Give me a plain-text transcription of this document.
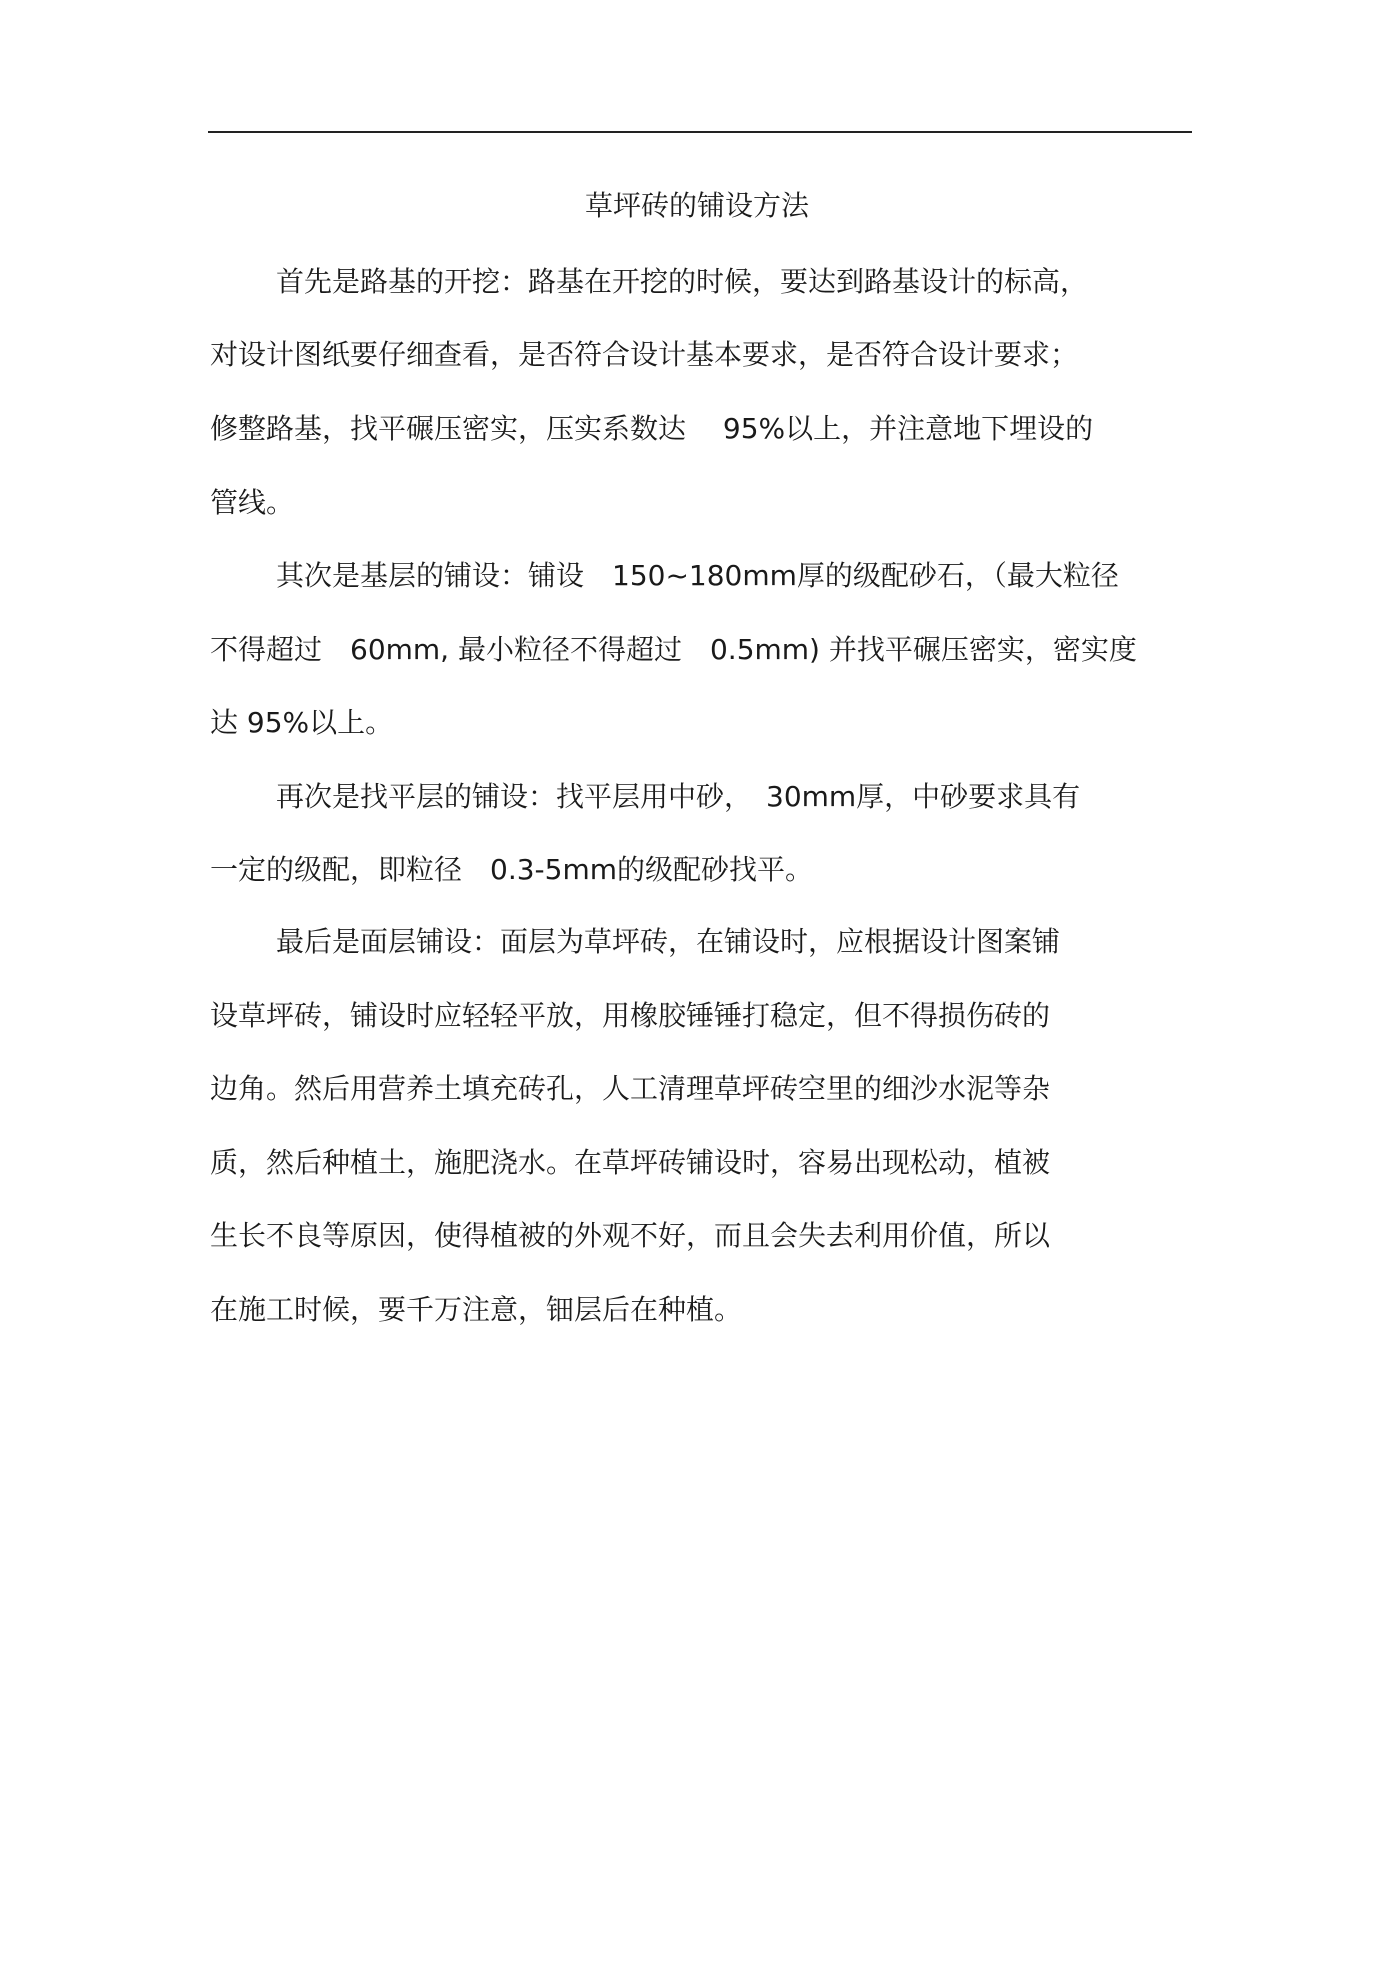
草坪砖的铺设方法
首先是路基的开挖：路基在开挖的时候，要达到路基设计的标高，
对设计图纸要仔细查看，是否符合设计基本要求，是否符合设计要求；
修整路基，找平碾压密实，压实系数达　 95%以上，并注意地下埋设的
管线。
其次是基层的铺设：铺设　150~180mm厚的级配砂石，（最大粒径
不得超过　60mm, 最小粒径不得超过　0.5mm) 并找平碾压密实，密实度
达 95%以上。
再次是找平层的铺设：找平层用中砂，　30mm厚，中砂要求具有
一定的级配，即粒径　0.3-5mm的级配砂找平。
最后是面层铺设：面层为草坪砖，在铺设时，应根据设计图案铺
设草坪砖，铺设时应轻轻平放，用橡胶锤锤打稳定，但不得损伤砖的
边角。然后用营养土填充砖孔，人工清理草坪砖空里的细沙水泥等杂
质，然后种植土，施肥浇水。在草坪砖铺设时，容易出现松动，植被
生长不良等原因，使得植被的外观不好，而且会失去利用价值，所以
在施工时候，要千万注意，钿层后在种植。
